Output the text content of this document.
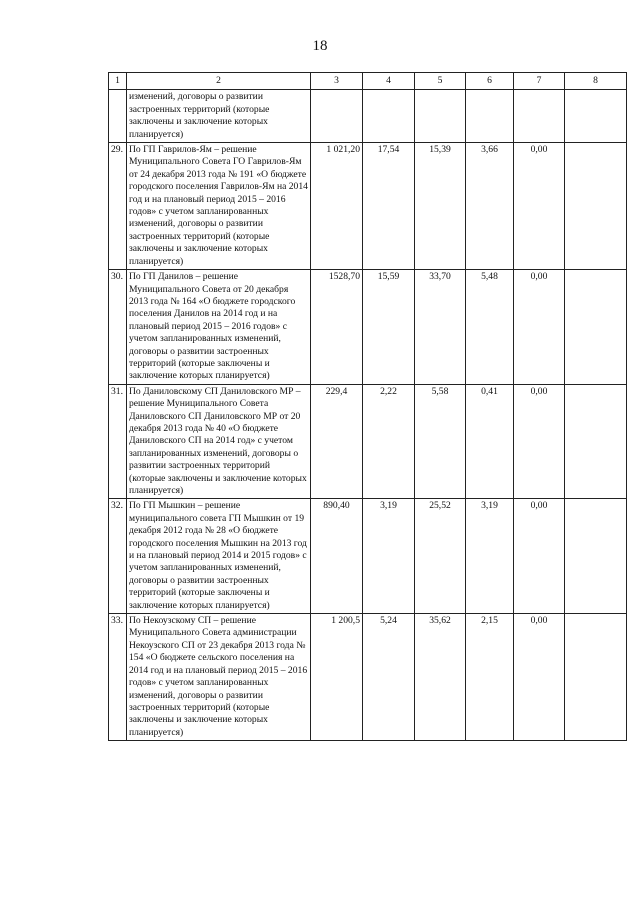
18
1	2	3	4	5	6	7	8
	изменений, договоры о развитии застроенных территорий (которые заключены и заключение которых планируется)						
29.	По ГП Гаврилов-Ям – решение Муниципального Совета ГО Гаврилов-Ям от 24 декабря 2013 года № 191 «О бюджете городского поселения Гаврилов-Ям на 2014 год и на плановый период 2015 – 2016 годов» с учетом запланированных изменений, договоры о развитии застроенных территорий (которые заключены и заключение которых планируется)	1 021,20	17,54	15,39	3,66	0,00	
30.	По ГП Данилов – решение Муниципального Совета от 20 декабря 2013 года № 164 «О бюджете городского поселения Данилов на 2014 год и на плановый период 2015 – 2016 годов» с учетом запланированных изменений, договоры о развитии застроенных территорий (которые заключены и заключение которых планируется)	1528,70	15,59	33,70	5,48	0,00	
31.	По Даниловскому СП Даниловского МР – решение Муниципального Совета Даниловского СП Даниловского МР от 20 декабря 2013 года № 40 «О бюджете Даниловского СП на 2014 год» с учетом запланированных изменений, договоры о развитии застроенных территорий (которые заключены и заключение которых планируется)	229,4	2,22	5,58	0,41	0,00	
32.	По ГП Мышкин – решение муниципального совета ГП Мышкин от 19 декабря 2012 года № 28 «О бюджете городского поселения Мышкин на 2013 год и на плановый период 2014 и 2015 годов» с учетом запланированных изменений, договоры о развитии застроенных территорий (которые заключены и заключение которых планируется)	890,40	3,19	25,52	3,19	0,00	
33.	По Некоузскому СП – решение Муниципального Совета администрации Некоузского СП от 23 декабря 2013 года № 154 «О бюджете сельского поселения на 2014 год и на плановый период 2015 – 2016 годов» с учетом запланированных изменений, договоры о развитии застроенных территорий (которые заключены и заключение которых планируется)	1 200,5	5,24	35,62	2,15	0,00	
